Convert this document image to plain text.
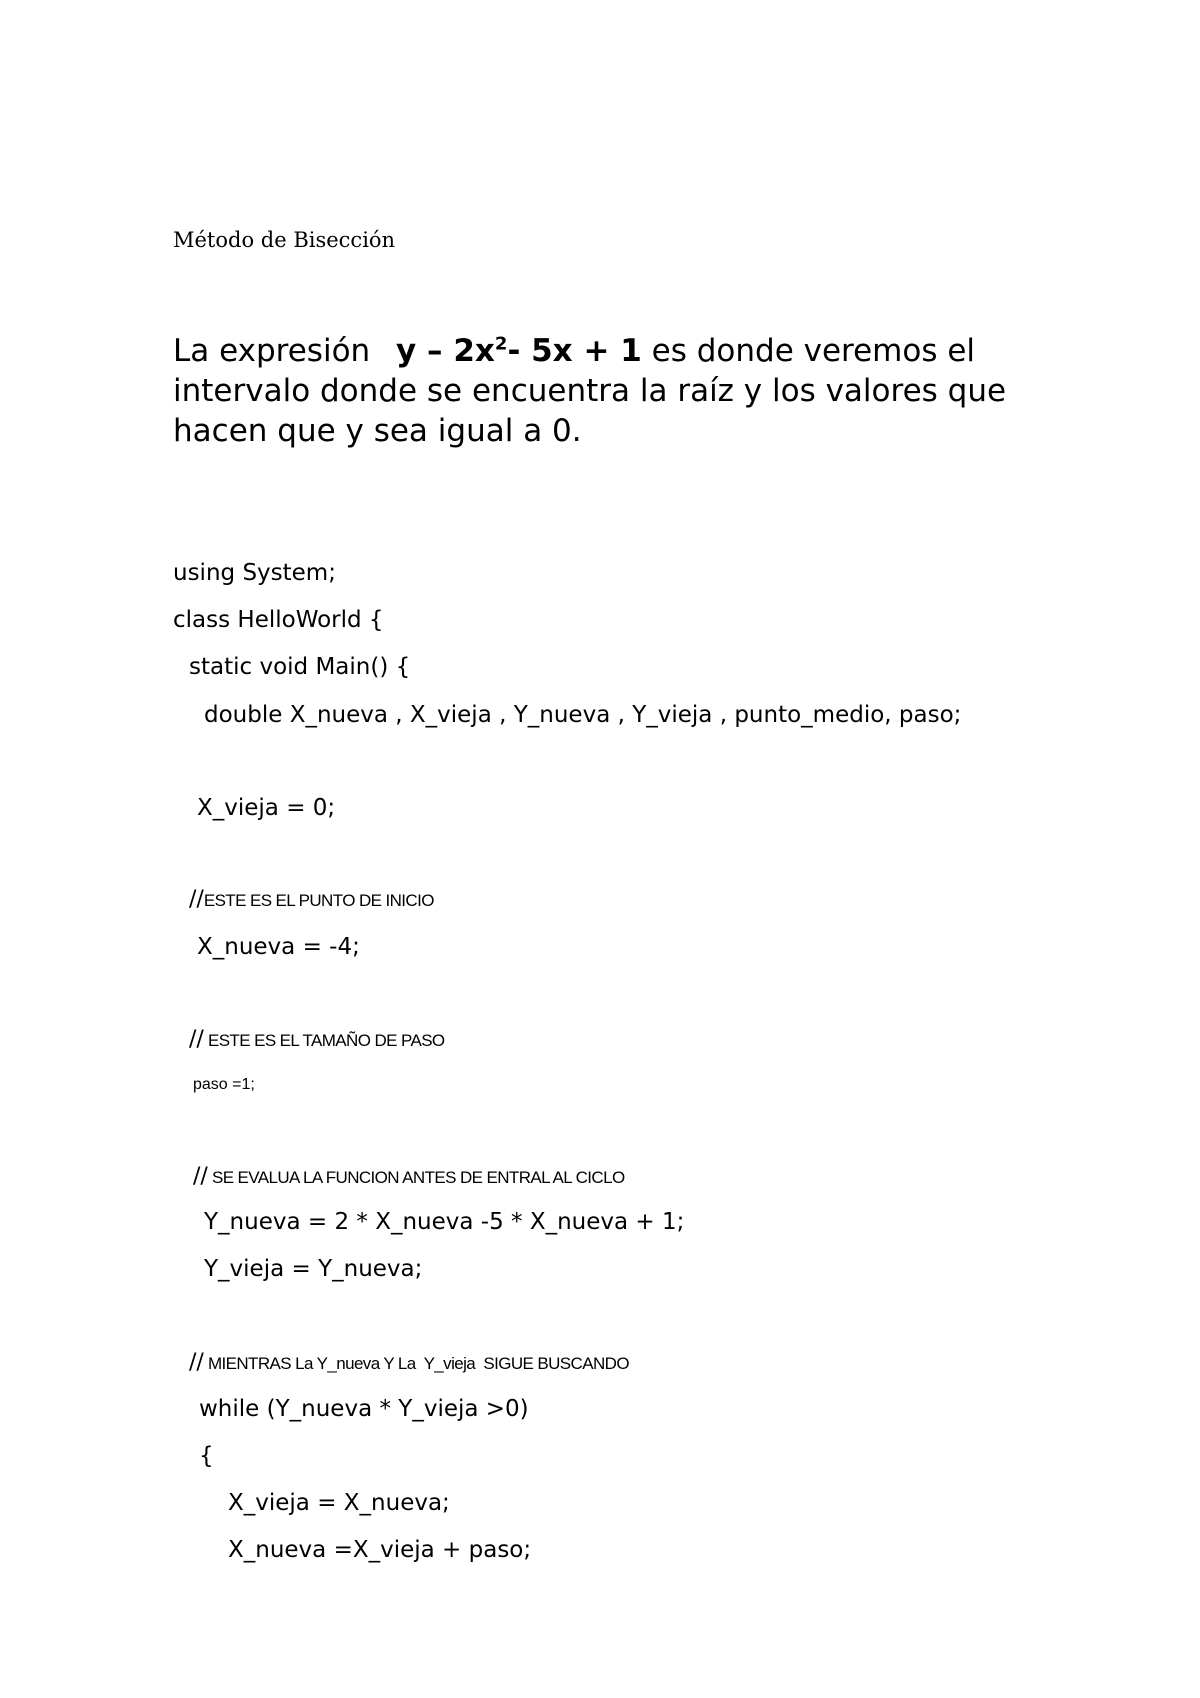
Método de Bisección
La expresión y – $2x^2-$ 5x + 1 es donde veremos el intervalo donde se encuentra la raíz y los valores que hacen que y sea igual a 0.
using System;
class HelloWorld {
static void Main() {
double X_nueva , X_vieja , Y_nueva , Y_vieja , punto_medio, paso;
X_vieja = 0;
//ESTE ES EL PUNTO DE INICIO
X_nueva = -4;
// ESTE ES EL TAMAÑO DE PASO
paso =1;
// SE EVALUA LA FUNCION ANTES DE ENTRAL AL CICLO
Y_nueva = 2 * X_nueva -5 * X_nueva + 1;
Y_vieja = Y_nueva;
// MIENTRAS La Y_nueva Y La  Y_vieja  SIGUE BUSCANDO
while (Y_nueva * Y_vieja >0)
{
X_vieja = X_nueva;
X_nueva =X_vieja + paso;
